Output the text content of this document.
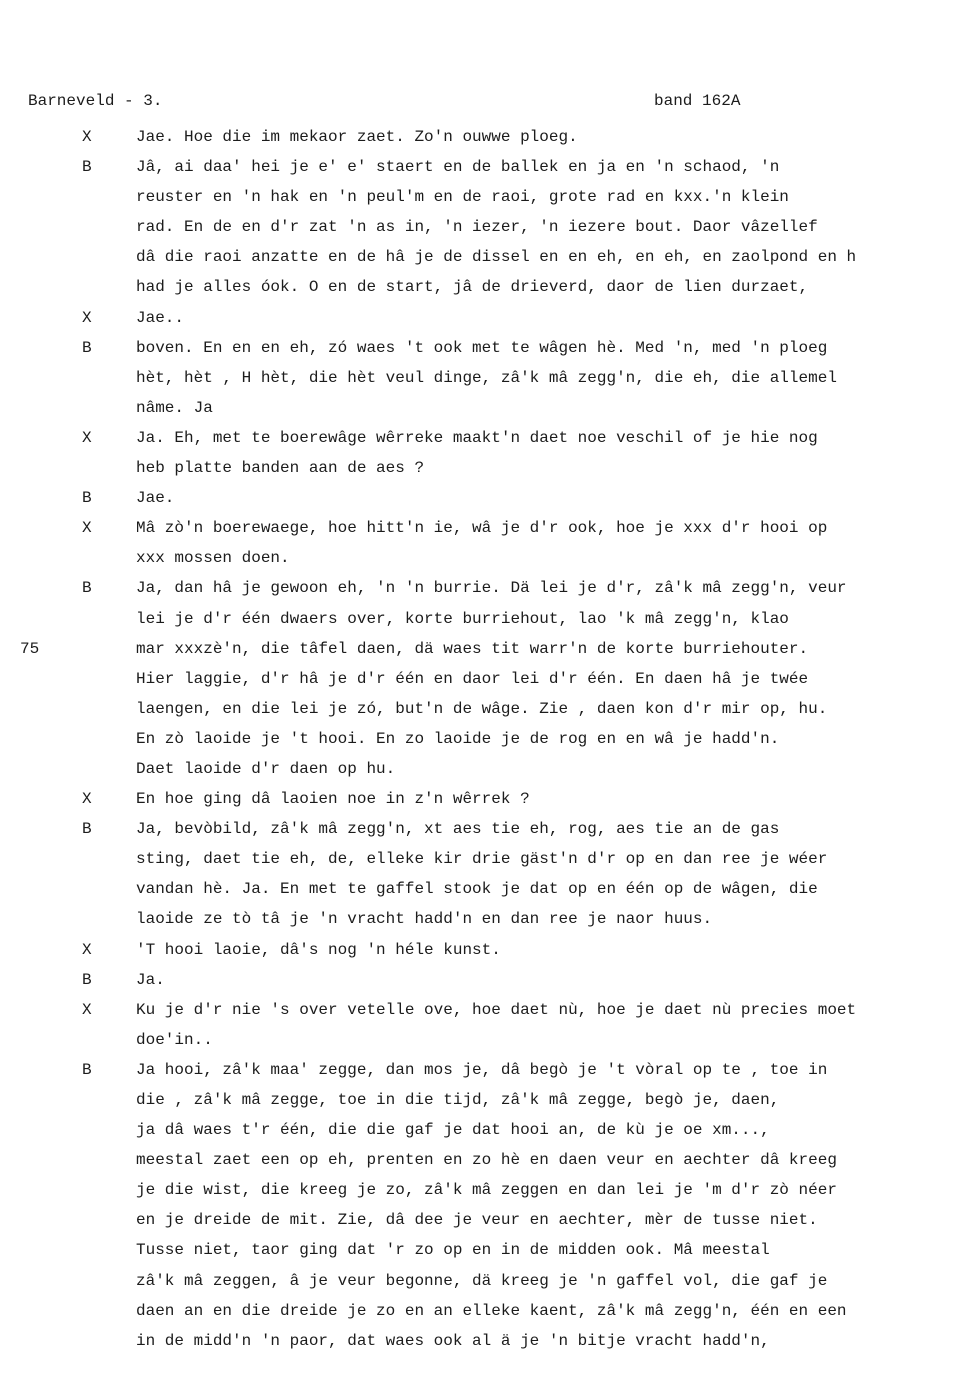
Barneveld - 3.	band 162A
X	Jae. Hoe die im mekaor zaet. Zo'n ouwwe ploeg.
B	Jâ, ai daa' hei je e' e' staert en de ballek en ja en 'n schaod, 'n
reuster en 'n hak en 'n peul'm en de raoi, grote rad en kxx.'n klein
rad. En de en d'r zat 'n as in, 'n iezer, 'n iezere bout. Daor vâzellef
dâ die raoi anzatte en de hâ je de dissel en en eh, en eh, en zaolpond en h
had je alles óok. O en de start, jâ de drieverd, daor de lien durzaet,
X	Jae..
B	boven. En en en eh, zó waes 't ook met te wâgen hè. Med 'n, med 'n ploeg
hèt, hèt , H hèt, die hèt veul dinge, zâ'k mâ zegg'n, die eh, die allemel
nâme. Ja
X	Ja. Eh, met te boerewâge wêrreke maakt'n daet noe veschil of je hie nog
heb platte banden aan de aes ?
B	Jae.
X	Mâ zò'n boerewaege, hoe hitt'n ie, wâ je d'r ook, hoe je xxx d'r hooi op
xxx mossen doen.
B	Ja, dan hâ je gewoon eh, 'n 'n burrie. Dä lei je d'r, zâ'k mâ zegg'n, veur
lei je d'r één dwaers over, korte burriehout, lao 'k mâ zegg'n, klao
75	mar xxxzè'n, die tâfel daen, dä waes tit warr'n de korte burriehouter.
Hier laggie, d'r hâ je d'r één en daor lei d'r één. En daen hâ je twée
laengen, en die lei je zó, but'n de wâge. Zie , daen kon d'r mir op, hu.
En zò laoide je 't hooi. En zo laoide je de rog en en wâ je hadd'n.
Daet laoide d'r daen op hu.
X	En hoe ging dâ laoien noe in z'n wêrrek ?
B	Ja, bevòbild, zâ'k mâ zegg'n, xt aes tie eh, rog, aes tie an de gas
sting, daet tie eh, de, elleke kir drie gäst'n d'r op en dan ree je wéer
vandan hè. Ja. En met te gaffel stook je dat op en één op de wâgen, die
laoide ze tò tâ je 'n vracht hadd'n en dan ree je naor huus.
X	'T hooi laoie, dâ's nog 'n héle kunst.
B	Ja.
X	Ku je d'r nie 's over vetelle ove, hoe daet nù, hoe je daet nù precies moet
doe'in..
B	Ja hooi, zâ'k maa' zegge, dan mos je, dâ begò je 't vòral op te , toe in
die , zâ'k mâ zegge, toe in die tijd, zâ'k mâ zegge, begò je, daen,
ja dâ waes t'r één, die die gaf je dat hooi an, de kù je oe xm...,
meestal zaet een op eh, prenten en zo hè en daen veur en aechter dâ kreeg
je die wist, die kreeg je zo, zâ'k mâ zeggen en dan lei je 'm d'r zò néer
en je dreide de mit. Zie, dâ dee je veur en aechter, mèr de tusse niet.
Tusse niet, taor ging dat 'r zo op en in de midden ook. Mâ meestal
zâ'k mâ zeggen, â je veur begonne, dä kreeg je 'n gaffel vol, die gaf je
daen an en die dreide je zo en an elleke kaent, zâ'k mâ zegg'n, één en een
in de midd'n 'n paor, dat waes ook al ä je 'n bitje vracht hadd'n,
